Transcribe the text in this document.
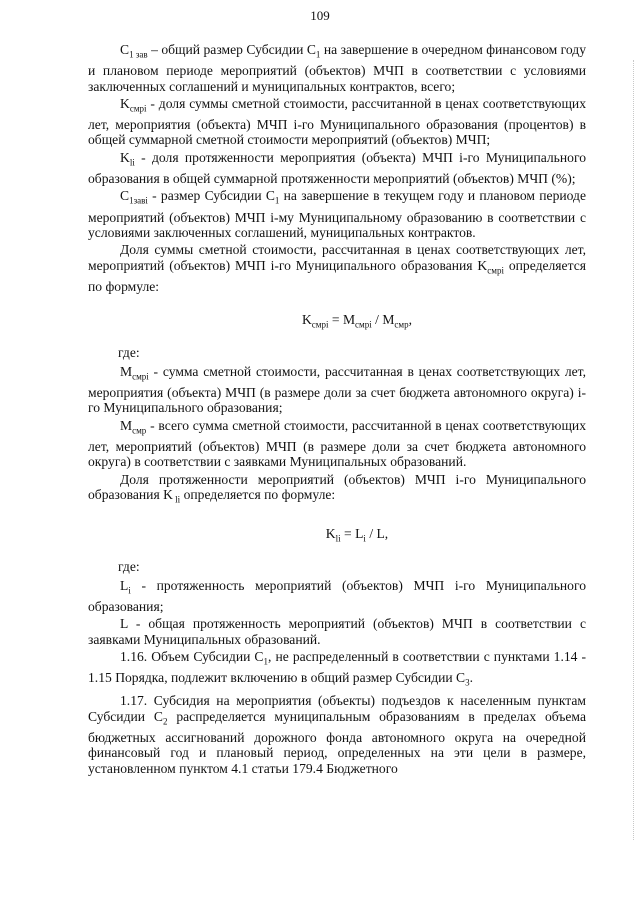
109

$C_{1 зав}$ – общий размер Субсидии $C_1$ на завершение в очередном финансовом году и плановом периоде мероприятий (объектов) МЧП в соответствии с условиями заключенных соглашений и муниципальных контрактов, всего;

$K_{смрi}$ - доля суммы сметной стоимости, рассчитанной в ценах соответствующих лет, мероприятия (объекта) МЧП i-го Муниципального образования (процентов) в общей суммарной сметной стоимости мероприятий (объектов) МЧП;

$K_{li}$ - доля протяженности мероприятия (объекта) МЧП i-го Муниципального образования в общей суммарной протяженности мероприятий (объектов) МЧП (%);

$C_{1зaвi}$ - размер Субсидии $C_1$ на завершение в текущем году и плановом периоде мероприятий (объектов) МЧП i-му Муниципальному образованию в соответствии с условиями заключенных соглашений, муниципальных контрактов.

Доля суммы сметной стоимости, рассчитанная в ценах соответствующих лет, мероприятий (объектов) МЧП i-го Муниципального образования $K_{смрi}$ определяется по формуле:

$K_{смрi} = M_{смрi} / M_{смр}$,

где:

$M_{смрi}$ - сумма сметной стоимости, рассчитанная в ценах соответствующих лет, мероприятия (объекта) МЧП (в размере доли за счет бюджета автономного округа) i-го Муниципального образования;

$M_{смр}$ - всего сумма сметной стоимости, рассчитанной в ценах соответствующих лет, мероприятий (объектов) МЧП (в размере доли за счет бюджета автономного округа) в соответствии с заявками Муниципальных образований.

Доля протяженности мероприятий (объектов) МЧП i-го Муниципального образования K $_{li}$ определяется по формуле:

$K_{li} = L_i / L$,

где:

$L_i$ - протяженность мероприятий (объектов) МЧП i-го Муниципального образования;

L - общая протяженность мероприятий (объектов) МЧП в соответствии с заявками Муниципальных образований.

1.16. Объем Субсидии $C_1$, не распределенный в соответствии с пунктами 1.14 - 1.15 Порядка, подлежит включению в общий размер Субсидии $C_3$.

1.17. Субсидия на мероприятия (объекты) подъездов к населенным пунктам Субсидии $C_2$ распределяется муниципальным образованиям в пределах объема бюджетных ассигнований дорожного фонда автономного округа на очередной финансовый год и плановый период, определенных на эти цели в размере, установленном пунктом 4.1 статьи 179.4 Бюджетного
